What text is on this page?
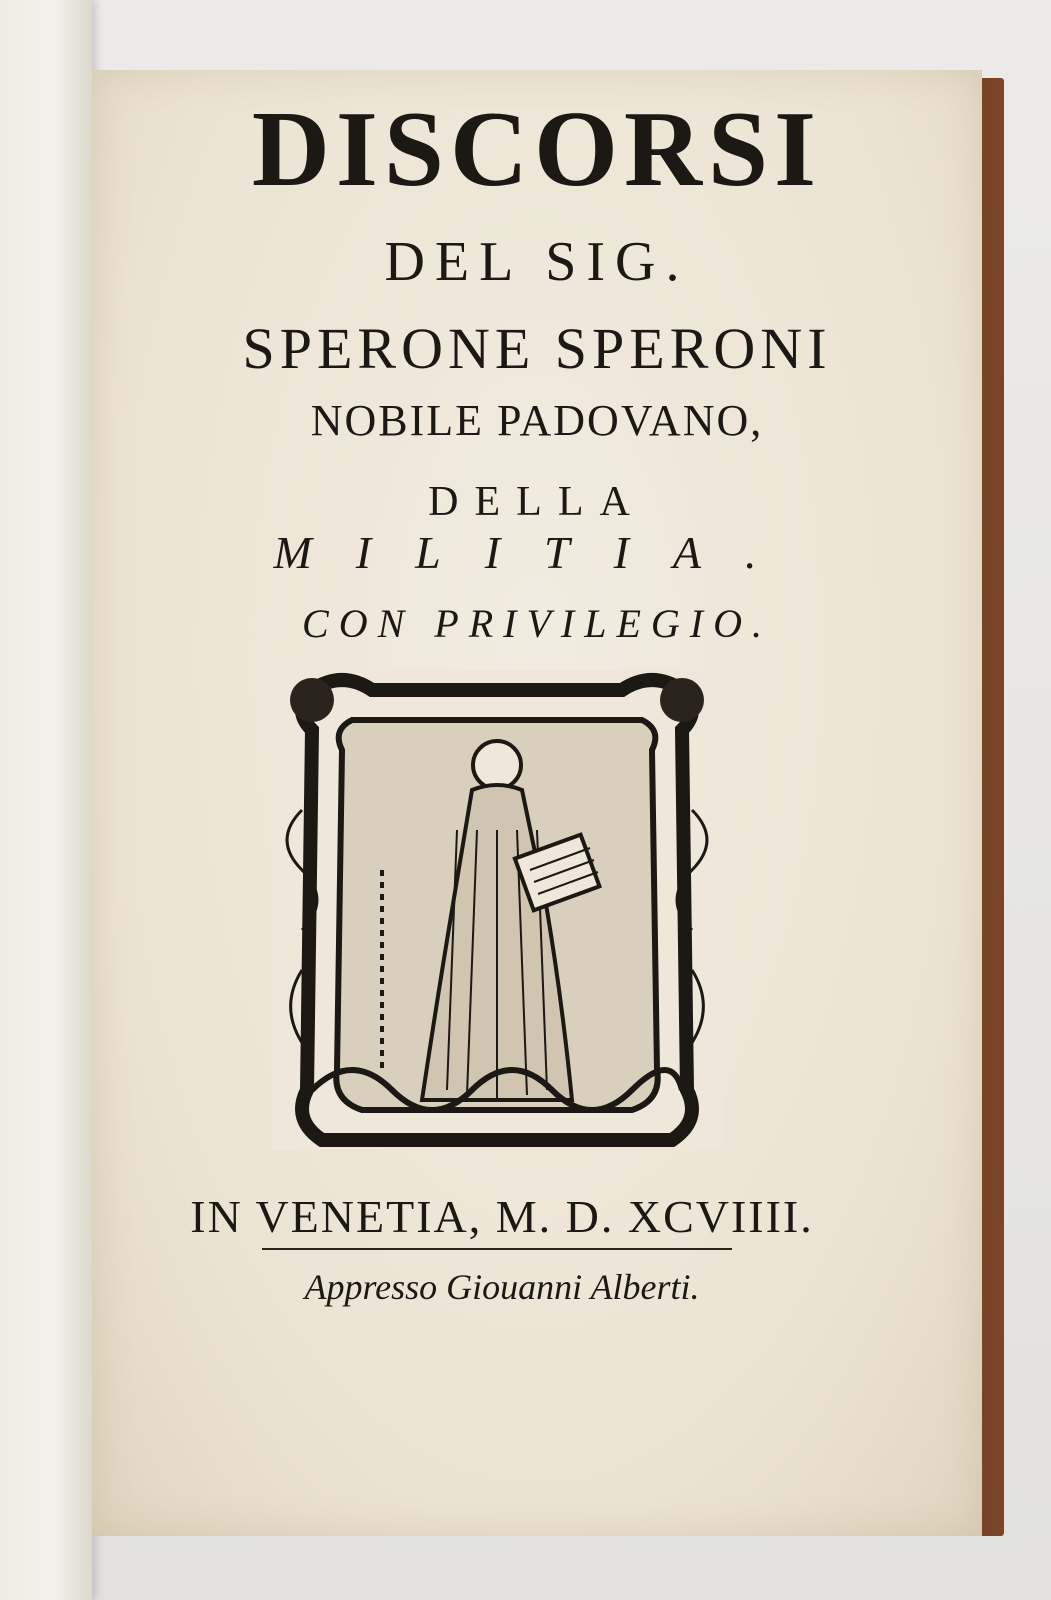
DISCORSI
DEL SIG.
SPERONE SPERONI
NOBILE PADOVANO,
DELLA
MILITIA.
CON PRIVILEGIO.
IN VENETIA, M. D. XCVIIII.
Appresso Giouanni Alberti.
